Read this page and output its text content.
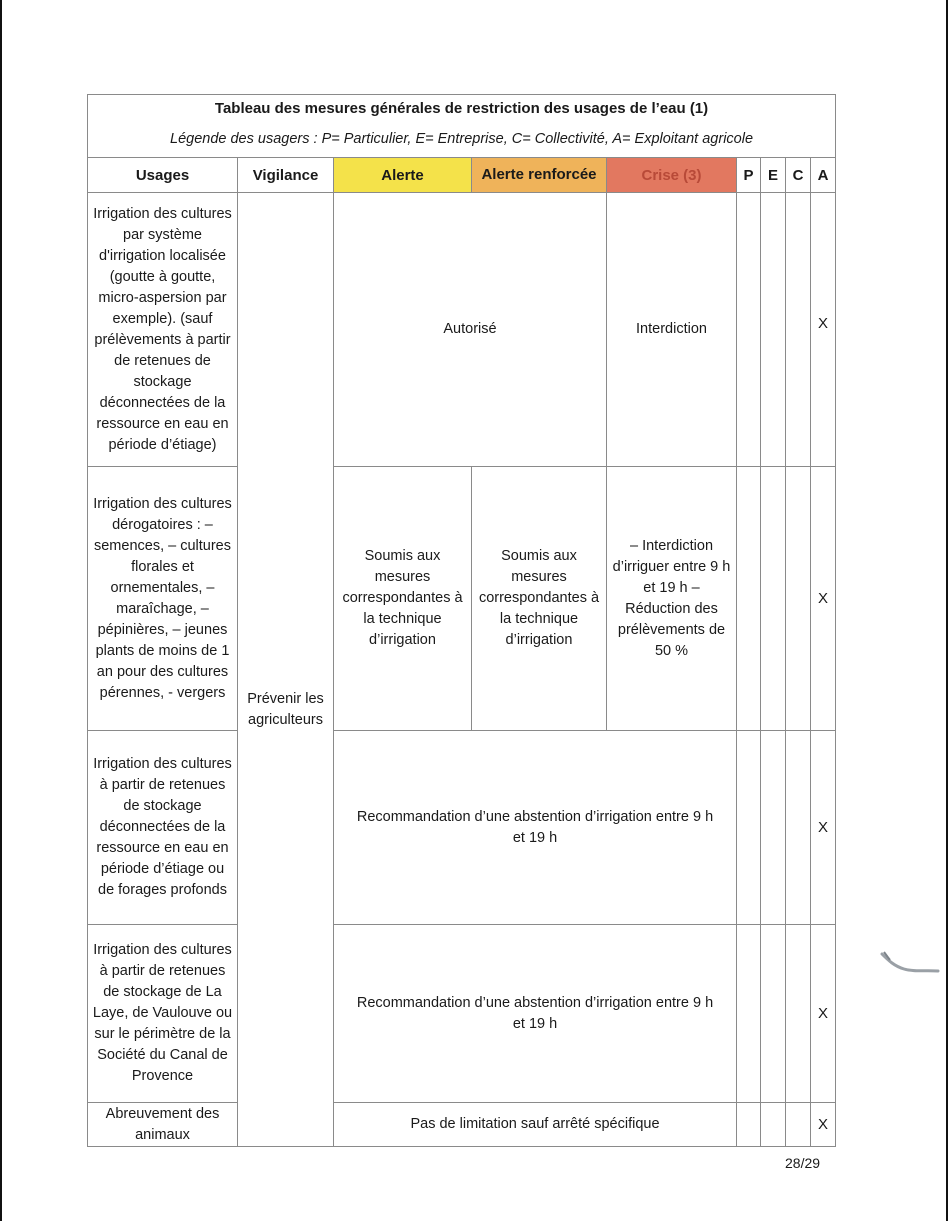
Tableau des mesures générales de restriction des usages de l’eau (1)								
Légende des usagers : P= Particulier, E= Entreprise, C= Collectivité, A= Exploitant agricole								
Usages	Vigilance	Alerte	Alerte renforcée	Crise (3)	P	E	C	A
Irrigation des cultures par système d'irrigation localisée (goutte à goutte, micro-aspersion par exemple). (sauf prélèvements à partir de retenues de stockage déconnectées de la ressource en eau en période d’étiage)	Prévenir les agriculteurs	Autorisé		Interdiction				X
Irrigation des cultures dérogatoires : – semences, – cultures florales et ornementales, – maraîchage, – pépinières, – jeunes plants de moins de 1 an pour des cultures pérennes, - vergers		Soumis aux mesures correspondantes à la technique d’irrigation	Soumis aux mesures correspondantes à la technique d’irrigation	– Interdiction d’irriguer entre 9 h et 19 h – Réduction des prélèvements de 50 %				X
Irrigation des cultures à partir de retenues de stockage déconnectées de la ressource en eau en période d’étiage ou de forages profonds		Recommandation d’une abstention d’irrigation entre 9 h et 19 h						X
Irrigation des cultures à partir de retenues de stockage de La Laye, de Vaulouve ou sur le périmètre de la Société du Canal de Provence		Recommandation d’une abstention d’irrigation entre 9 h et 19 h						X
Abreuvement des animaux		Pas de limitation sauf arrêté spécifique						X
28/29
